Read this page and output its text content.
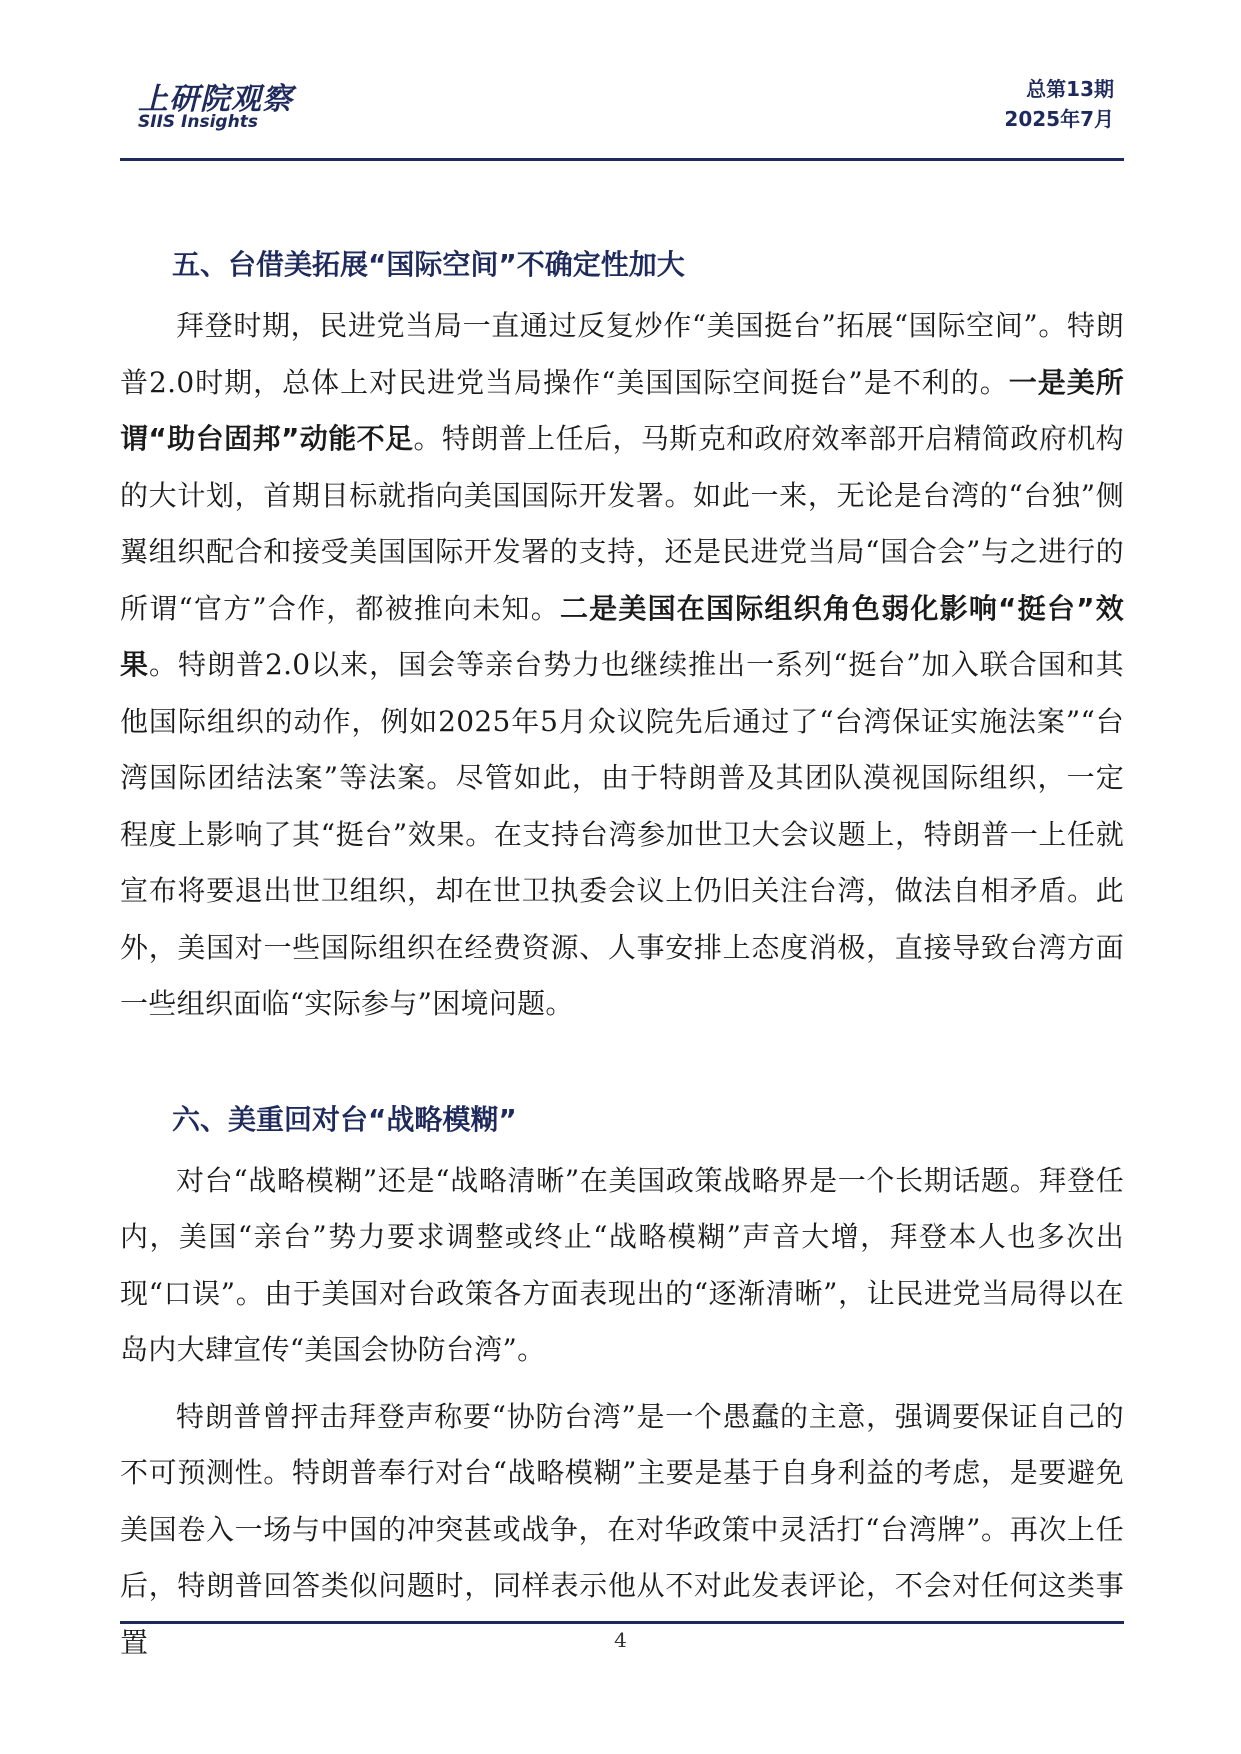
上研院观察
SIIS Insights
总第13期
2025年7月
五、台借美拓展“国际空间”不确定性加大

拜登时期，民进党当局一直通过反复炒作“美国挺台”拓展“国际空间”。特朗普2.0时期，总体上对民进党当局操作“美国国际空间挺台”是不利的。一是美所谓“助台固邦”动能不足。特朗普上任后，马斯克和政府效率部开启精简政府机构的大计划，首期目标就指向美国国际开发署。如此一来，无论是台湾的“台独”侧翼组织配合和接受美国国际开发署的支持，还是民进党当局“国合会”与之进行的所谓“官方”合作，都被推向未知。二是美国在国际组织角色弱化影响“挺台”效果。特朗普2.0以来，国会等亲台势力也继续推出一系列“挺台”加入联合国和其他国际组织的动作，例如2025年5月众议院先后通过了“台湾保证实施法案”“台湾国际团结法案”等法案。尽管如此，由于特朗普及其团队漠视国际组织，一定程度上影响了其“挺台”效果。在支持台湾参加世卫大会议题上，特朗普一上任就宣布将要退出世卫组织，却在世卫执委会议上仍旧关注台湾，做法自相矛盾。此外，美国对一些国际组织在经费资源、人事安排上态度消极，直接导致台湾方面一些组织面临“实际参与”困境问题。

六、美重回对台“战略模糊”

对台“战略模糊”还是“战略清晰”在美国政策战略界是一个长期话题。拜登任内，美国“亲台”势力要求调整或终止“战略模糊”声音大增，拜登本人也多次出现“口误”。由于美国对台政策各方面表现出的“逐渐清晰”，让民进党当局得以在岛内大肆宣传“美国会协防台湾”。

特朗普曾抨击拜登声称要“协防台湾”是一个愚蠢的主意，强调要保证自己的不可预测性。特朗普奉行对台“战略模糊”主要是基于自身利益的考虑，是要避免美国卷入一场与中国的冲突甚或战争，在对华政策中灵活打“台湾牌”。再次上任后，特朗普回答类似问题时，同样表示他从不对此发表评论，不会对任何这类事置	4
